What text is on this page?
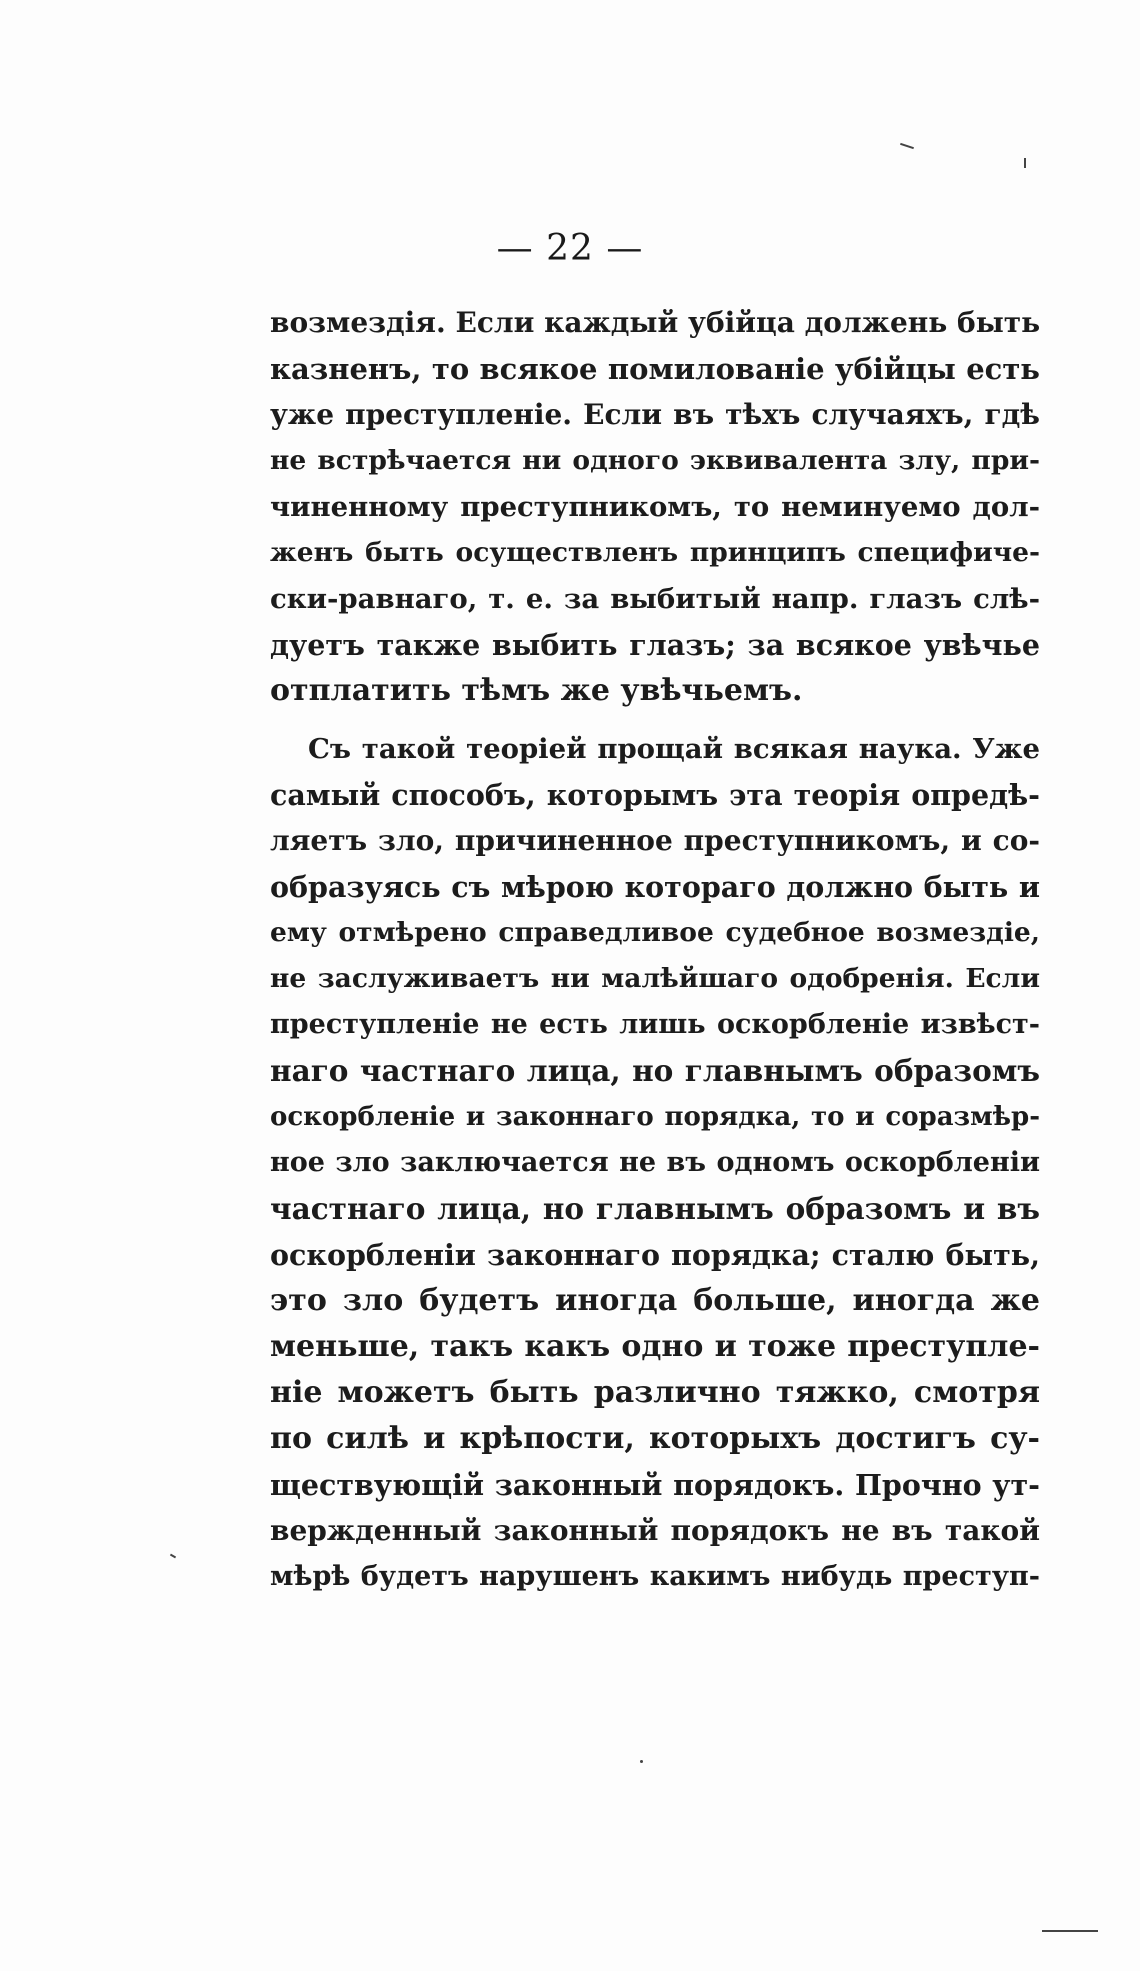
— 22 —
возмездія. Если каждый убійца должень быть
казненъ, то всякое помилованіе убійцы есть
уже преступленіе. Если въ тѣхъ случаяхъ, гдѣ
не встрѣчается ни одного эквивалента злу, при-
чиненному преступникомъ, то неминуемо дол-
женъ быть осуществленъ принципъ специфиче-
ски-равнаго, т. е. за выбитый напр. глазъ слѣ-
дуетъ также выбить глазъ; за всякое увѣчье
отплатить тѣмъ же увѣчьемъ.
Съ такой теоріей прощай всякая наука. Уже
самый способъ, которымъ эта теорія опредѣ-
ляетъ зло, причиненное преступникомъ, и со-
образуясь съ мѣрою котораго должно быть и
ему отмѣрено справедливое судебное возмездіе,
не заслуживаетъ ни малѣйшаго одобренія. Если
преступленіе не есть лишь оскорбленіе извѣст-
наго частнаго лица, но главнымъ образомъ
оскорбленіе и законнаго порядка, то и соразмѣр-
ное зло заключается не въ одномъ оскорбленіи
частнаго лица, но главнымъ образомъ и въ
оскорбленіи законнаго порядка; сталю быть,
это зло будетъ иногда больше, иногда же
меньше, такъ какъ одно и тоже преступле-
ніе можетъ быть различно тяжко, смотря
по силѣ и крѣпости, которыхъ достигъ су-
ществующій законный порядокъ. Прочно ут-
вержденный законный порядокъ не въ такой
мѣрѣ будетъ нарушенъ какимъ нибудь преступ-
